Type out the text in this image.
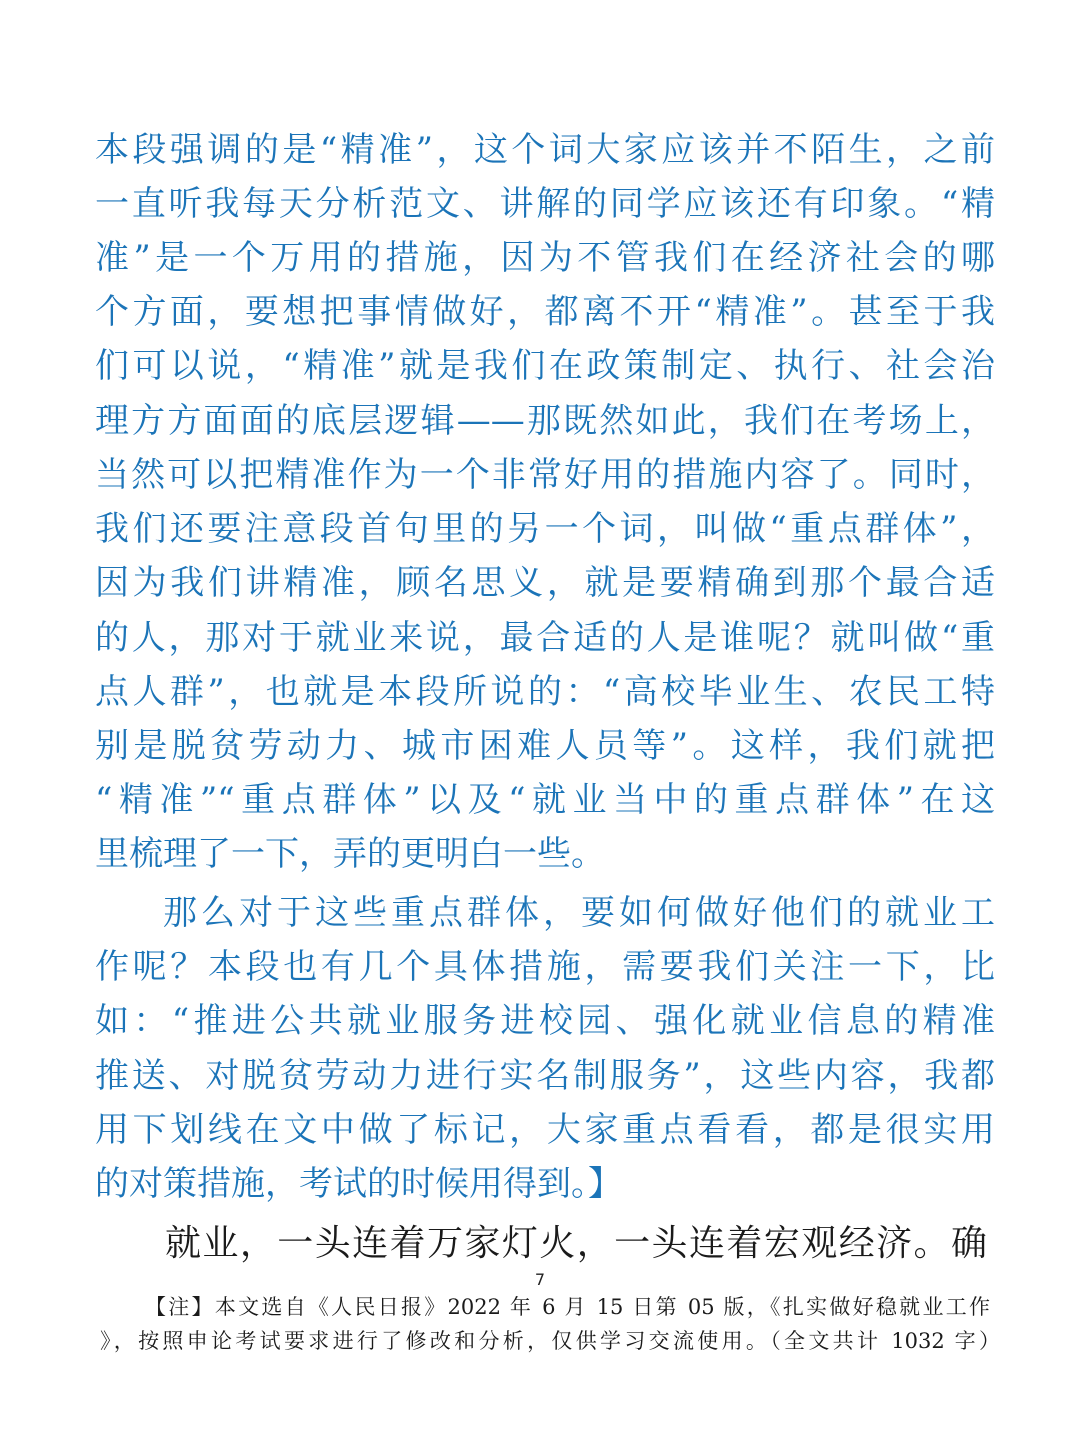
本段强调的是“精准”，这个词大家应该并不陌生，之前
一直听我每天分析范文、讲解的同学应该还有印象。“精
准”是一个万用的措施，因为不管我们在经济社会的哪
个方面，要想把事情做好，都离不开“精准”。甚至于我
们可以说，“精准”就是我们在政策制定、执行、社会治
理方方面面的底层逻辑——那既然如此，我们在考场上，
当然可以把精准作为一个非常好用的措施内容了。同时，
我们还要注意段首句里的另一个词，叫做“重点群体”，
因为我们讲精准，顾名思义，就是要精确到那个最合适
的人，那对于就业来说，最合适的人是谁呢？就叫做“重
点人群”，也就是本段所说的：“高校毕业生、农民工特
别是脱贫劳动力、城市困难人员等”。这样，我们就把
“精准”“重点群体”以及“就业当中的重点群体”在这
里梳理了一下，弄的更明白一些。
那么对于这些重点群体，要如何做好他们的就业工
作呢？本段也有几个具体措施，需要我们关注一下，比
如：“推进公共就业服务进校园、强化就业信息的精准
推送、对脱贫劳动力进行实名制服务”，这些内容，我都
用下划线在文中做了标记，大家重点看看，都是很实用
的对策措施，考试的时候用得到。】
就业，一头连着万家灯火，一头连着宏观经济。确
7
【注】本文选自《人民日报》2022 年 6 月 15 日第 05 版，《扎实做好稳就业工作
》，按照申论考试要求进行了修改和分析，仅供学习交流使用。（全文共计 1032 字）
